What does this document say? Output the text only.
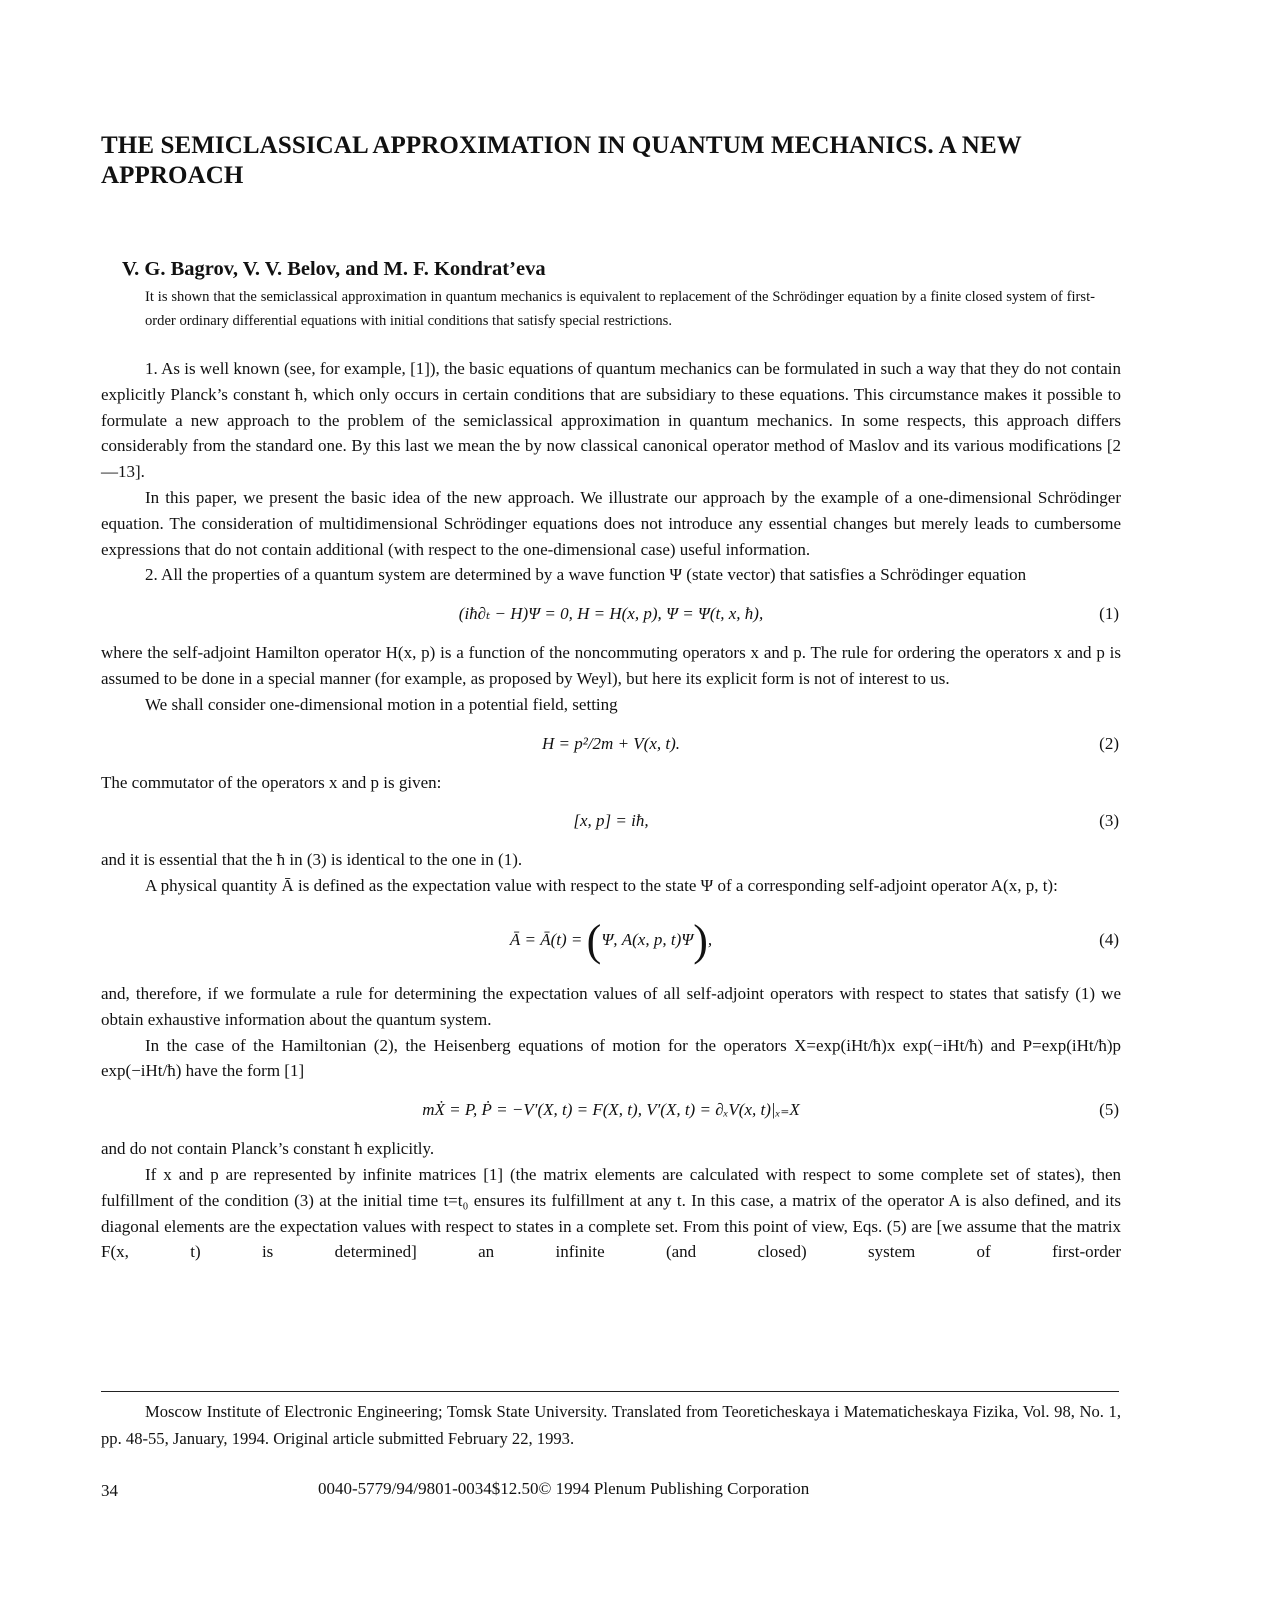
THE SEMICLASSICAL APPROXIMATION IN QUANTUM MECHANICS. A NEW APPROACH

V. G. Bagrov, V. V. Belov, and M. F. Kondrat’eva

It is shown that the semiclassical approximation in quantum mechanics is equivalent to replacement of the Schrödinger equation by a finite closed system of first-order ordinary differential equations with initial conditions that satisfy special restrictions.

1. As is well known (see, for example, [1]), the basic equations of quantum mechanics can be formulated in such a way that they do not contain explicitly Planck’s constant ħ, which only occurs in certain conditions that are subsidiary to these equations. This circumstance makes it possible to formulate a new approach to the problem of the semiclassical approximation in quantum mechanics. In some respects, this approach differs considerably from the standard one. By this last we mean the by now classical canonical operator method of Maslov and its various modifications [2—13].

In this paper, we present the basic idea of the new approach. We illustrate our approach by the example of a one-dimensional Schrödinger equation. The consideration of multidimensional Schrödinger equations does not introduce any essential changes but merely leads to cumbersome expressions that do not contain additional (with respect to the one-dimensional case) useful information.

2. All the properties of a quantum system are determined by a wave function Ψ (state vector) that satisfies a Schrödinger equation

(iħ∂ₜ − H)Ψ = 0, H = H(x, p), Ψ = Ψ(t, x, ħ),	(1)

where the self-adjoint Hamilton operator H(x, p) is a function of the noncommuting operators x and p. The rule for ordering the operators x and p is assumed to be done in a special manner (for example, as proposed by Weyl), but here its explicit form is not of interest to us.

We shall consider one-dimensional motion in a potential field, setting

H = p²/2m + V(x, t).	(2)

The commutator of the operators x and p is given:

[x, p] = iħ,	(3)

and it is essential that the ħ in (3) is identical to the one in (1).

A physical quantity Ā is defined as the expectation value with respect to the state Ψ of a corresponding self-adjoint operator A(x, p, t):

Ā = Ā(t) = (Ψ, A(x, p, t)Ψ),	(4)

and, therefore, if we formulate a rule for determining the expectation values of all self-adjoint operators with respect to states that satisfy (1) we obtain exhaustive information about the quantum system.

In the case of the Hamiltonian (2), the Heisenberg equations of motion for the operators X=exp(iHt/ħ)x exp(−iHt/ħ) and P=exp(iHt/ħ)p exp(−iHt/ħ) have the form [1]

mẊ = P, Ṗ = −V′(X, t) = F(X, t), V′(X, t) = ∂ₓV(x, t)|ₓ₌X	(5)

and do not contain Planck’s constant ħ explicitly.

If x and p are represented by infinite matrices [1] (the matrix elements are calculated with respect to some complete set of states), then fulfillment of the condition (3) at the initial time t=t₀ ensures its fulfillment at any t. In this case, a matrix of the operator A is also defined, and its diagonal elements are the expectation values with respect to states in a complete set. From this point of view, Eqs. (5) are [we assume that the matrix F(x, t) is determined] an infinite (and closed) system of first-order

Moscow Institute of Electronic Engineering; Tomsk State University. Translated from Teoreticheskaya i Matematicheskaya Fizika, Vol. 98, No. 1, pp. 48-55, January, 1994. Original article submitted February 22, 1993.

34	0040-5779/94/9801-0034$12.50© 1994 Plenum Publishing Corporation
